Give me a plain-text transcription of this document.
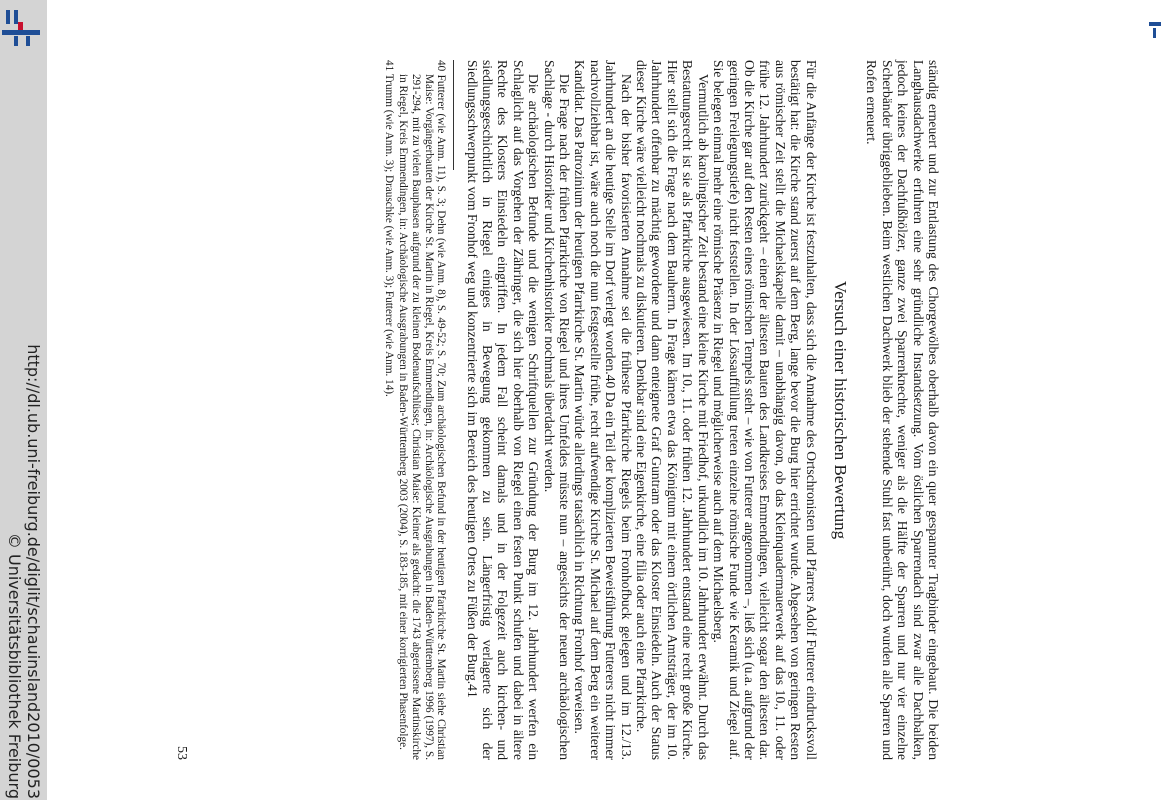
http://dl.ub.uni-freiburg.de/diglit/schauinsland2010/0053
© Universitätsbibliothek Freiburg	ständig erneuert und zur Entlastung des Chorgewölbes oberhalb davon ein quer gespannter Tragbinder eingebaut. Die beiden Langhausdachwerke erfuhren eine sehr gründliche Instandsetzung. Vom östlichen Sparrendach sind zwar alle Dachbalken, jedoch keines der Dachfußhölzer, ganze zwei Sparrenknechte, weniger als die Hälfte der Sparren und nur vier einzelne Scherbänder übriggeblieben. Beim westlichen Dachwerk blieb der stehende Stuhl fast unberührt, doch wurden alle Sparren und Rofen erneuert.

Versuch einer historischen Bewertung

Für die Anfänge der Kirche ist festzuhalten, dass sich die Annahme des Ortschronisten und Pfarrers Adolf Futterer eindrucksvoll bestätigt hat: die Kirche stand zuerst auf dem Berg, lange bevor die Burg hier errichtet wurde. Abgesehen von geringen Resten aus römischer Zeit stellt die Michaelskapelle damit – unabhängig davon, ob das Kleinquadermauerwerk auf das 10., 11. oder frühe 12. Jahrhundert zurückgeht – einen der ältesten Bauten des Landkreises Emmendingen, vielleicht sogar den ältesten dar. Ob die Kirche gar auf den Resten eines römischen Tempels steht – wie von Futterer angenommen –, ließ sich (u.a. aufgrund der geringen Freilegungstiefe) nicht feststellen. In der Lössauffüllung treten einzelne römische Funde wie Keramik und Ziegel auf. Sie belegen einmal mehr eine römische Präsenz in Riegel und möglicherweise auch auf dem Michaelsberg.

Vermutlich ab karolingischer Zeit bestand eine kleine Kirche mit Friedhof, urkundlich im 10. Jahrhundert erwähnt. Durch das Bestattungsrecht ist sie als Pfarrkirche ausgewiesen. Im 10., 11. oder frühen 12. Jahrhundert entstand eine recht große Kirche. Hier stellt sich die Frage nach dem Bauherrn. In Frage kämen etwa das Königtum mit einem örtlichen Amtsträger, der im 10. Jahrhundert offenbar zu mächtig gewordene und dann enteignete Graf Guntram oder das Kloster Einsiedeln. Auch der Status dieser Kirche wäre vielleicht nochmals zu diskutieren. Denkbar sind eine Eigenkirche, eine filia oder auch eine Pfarrkirche.

Nach der bisher favorisierten Annahme sei die früheste Pfarrkirche Riegels beim Fronhofbuck gelegen und im 12./13. Jahrhundert an die heutige Stelle im Dorf verlegt worden.40 Da ein Teil der komplizierten Beweisführung Futterers nicht immer nachvollziehbar ist, wäre auch noch die nun festgestellte frühe, recht aufwendige Kirche St. Michael auf dem Berg ein weiterer Kandidat. Das Patrozinium der heutigen Pfarrkirche St. Martin würde allerdings tatsächlich in Richtung Fronhof verweisen.

Die Frage nach der frühen Pfarrkirche von Riegel und ihres Umfeldes müsste nun – angesichts der neuen archäologischen Sachlage - durch Historiker und Kirchenhistoriker nochmals überdacht werden.

Die archäologischen Befunde und die wenigen Schriftquellen zur Gründung der Burg im 12. Jahrhundert werfen ein Schlaglicht auf das Vorgehen der Zähringer, die sich hier oberhalb von Riegel einen festen Punkt schufen und dabei in ältere Rechte des Klosters Einsiedeln eingriffen. In jedem Fall scheint damals und in der Folgezeit auch kirchen- und siedlungsgeschichtlich in Riegel einiges in Bewegung gekommen zu sein. Längerfristig verlagerte sich der Siedlungsschwerpunkt vom Fronhof weg und konzentrierte sich im Bereich des heutigen Ortes zu Füßen der Burg.41

40 Futterer (wie Anm. 11), S. 3; Dehn (wie Anm. 8), S. 49-52; S. 70; Zum archäologischen Befund in der heutigen Pfarrkirche St. Martin siehe Christian Maise: Vorgängerbauten der Kirche St. Martin in Riegel, Kreis Emmendingen, in: Archäologische Ausgrabungen in Baden-Württemberg 1996 (1997), S. 291-294, mit zu vielen Bauphasen aufgrund der zu kleinen Bodenaufschlüsse; Christian Maise: Kleiner als gedacht: die 1743 abgerissene Martinskirche in Riegel, Kreis Emmendingen, in: Archäologische Ausgrabungen in Baden-Württemberg 2003 (2004), S. 183-185, mit einer korrigierten Phasenfolge.

41 Trumm (wie Anm. 3); Drauschke (wie Anm. 3); Futterer (wie Anm. 14).

53
